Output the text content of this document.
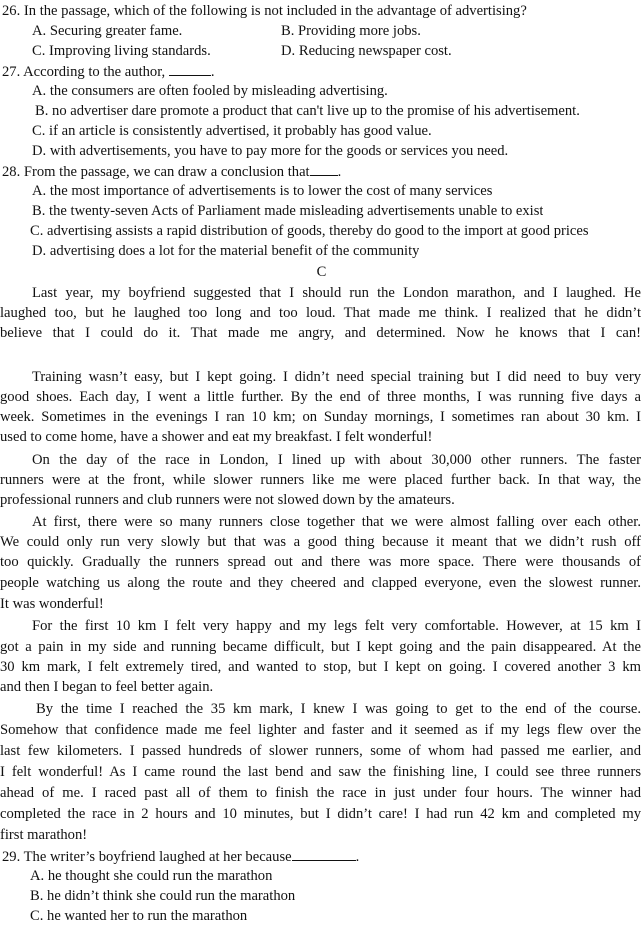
26. In the passage, which of the following is not included in the advantage of advertising?
A. Securing greater fame.	B. Providing more jobs.
C. Improving living standards.	D. Reducing newspaper cost.
27. According to the author,	.
A. the consumers are often fooled by misleading advertising.
B. no advertiser dare promote a product that can't live up to the promise of his advertisement.
C. if an article is consistently advertised, it probably has good value.
D. with advertisements, you have to pay more for the goods or services you need.
28. From the passage, we can draw a conclusion that .
A. the most importance of advertisements is to lower the cost of many services
B. the twenty-seven Acts of Parliament made misleading advertisements unable to exist
C. advertising assists a rapid distribution of goods, thereby do good to the import at good prices
D. advertising does a lot for the material benefit of the community
C
Last year, my boyfriend suggested that I should run the London marathon, and I laughed. He
laughed too, but he laughed too long and too loud. That made me think. I realized that he didn’t
believe that I could do it. That made me angry, and determined. Now he knows that I can!
Training wasn’t easy, but I kept going. I didn’t need special training but I did need to buy very
good shoes. Each day, I went a little further. By the end of three months, I was running five days a
week. Sometimes in the evenings I ran 10 km; on Sunday mornings, I sometimes ran about 30 km. I
used to come home, have a shower and eat my breakfast. I felt wonderful!
On the day of the race in London, I lined up with about 30,000 other runners. The faster
runners were at the front, while slower runners like me were placed further back. In that way, the
professional runners and club runners were not slowed down by the amateurs.
At first, there were so many runners close together that we were almost falling over each other.
We could only run very slowly but that was a good thing because it meant that we didn’t rush off
too quickly. Gradually the runners spread out and there was more space. There were thousands of
people watching us along the route and they cheered and clapped everyone, even the slowest runner.
It was wonderful!
For the first 10 km I felt very happy and my legs felt very comfortable. However, at 15 km I
got a pain in my side and running became difficult, but I kept going and the pain disappeared. At the
30 km mark, I felt extremely tired, and wanted to stop, but I kept on going. I covered another 3 km
and then I began to feel better again.
By the time I reached the 35 km mark, I knew I was going to get to the end of the course.
Somehow that confidence made me feel lighter and faster and it seemed as if my legs flew over the
last few kilometers. I passed hundreds of slower runners, some of whom had passed me earlier, and
I felt wonderful! As I came round the last bend and saw the finishing line, I could see three runners
ahead of me. I raced past all of them to finish the race in just under four hours. The winner had
completed the race in 2 hours and 10 minutes, but I didn’t care! I had run 42 km and completed my
first marathon!
29. The writer’s boyfriend laughed at her because	.
A. he thought she could run the marathon
B. he didn’t think she could run the marathon
C. he wanted her to run the marathon
